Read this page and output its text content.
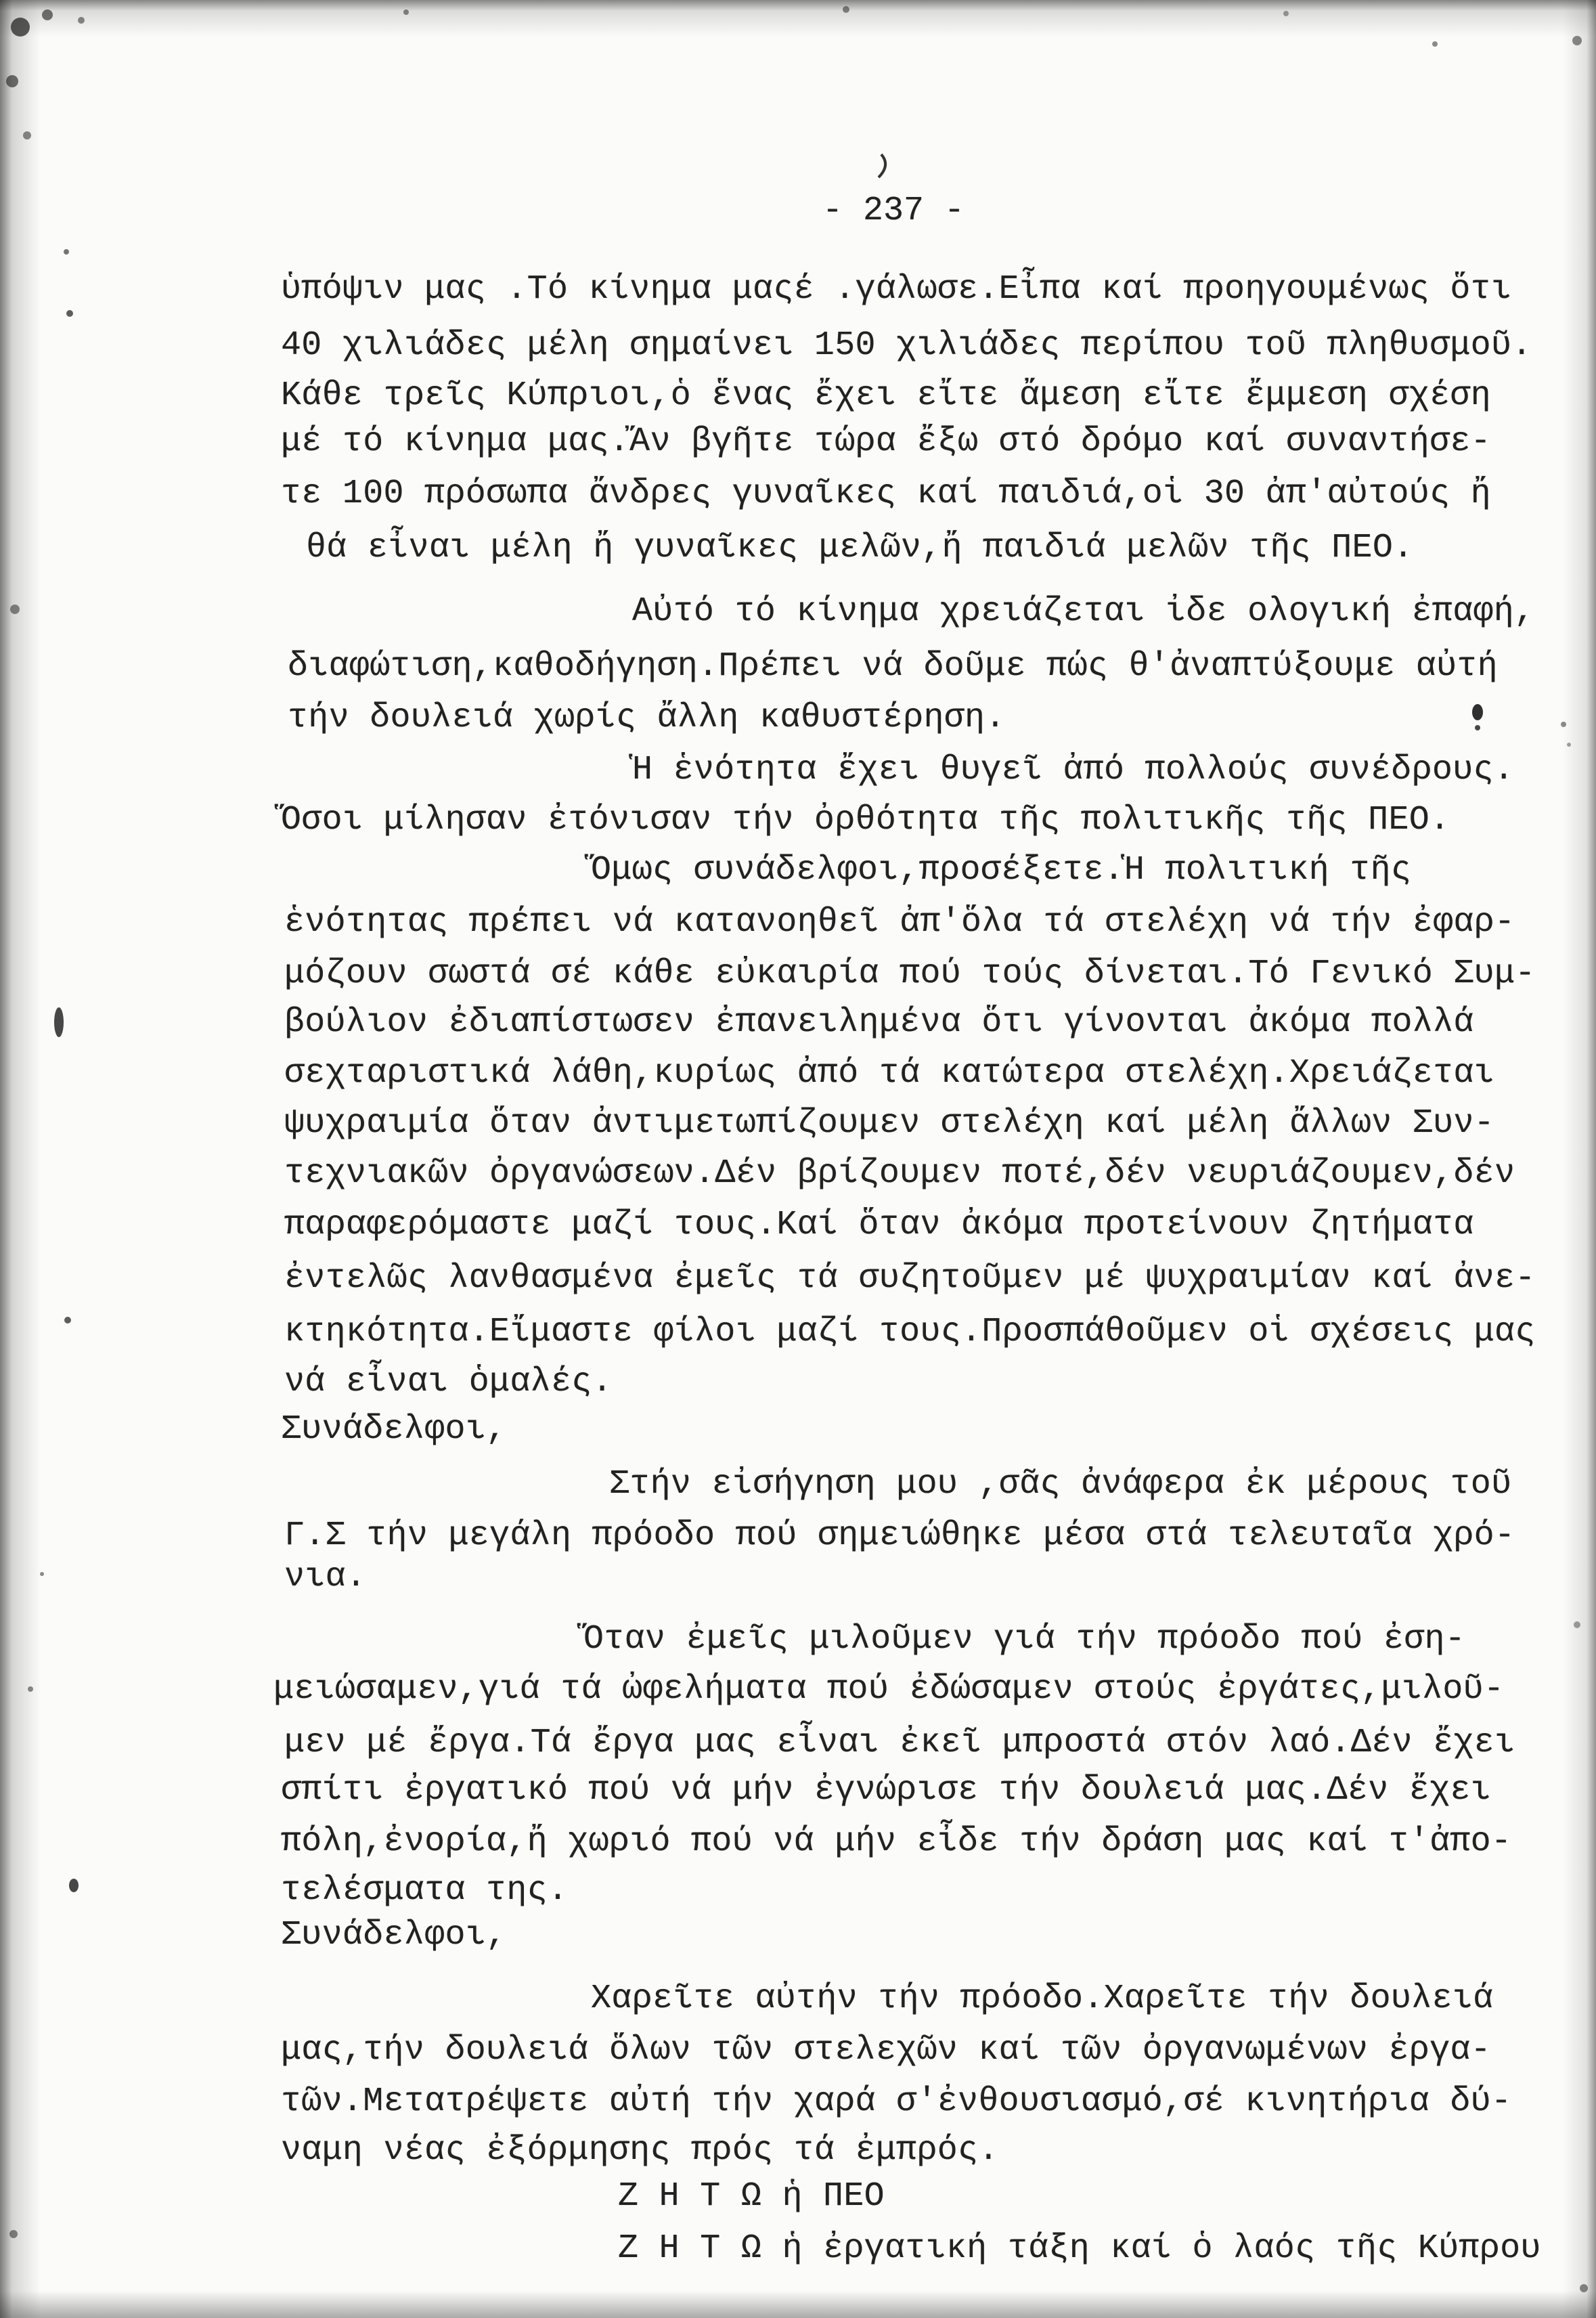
- 237 -
ὑπόψιν μας .Τό κίνημα μαςέ .γάλωσε.Εἶπα καί προηγουμένως ὅτι
40 χιλιάδες μέλη σημαίνει 150 χιλιάδες περίπου τοῦ πληθυσμοῦ.
Κάθε τρεῖς Κύπριοι,ὁ ἕνας ἔχει εἴτε ἄμεση εἴτε ἔμμεση σχέση
μέ τό κίνημα μας.Ἄν βγῆτε τώρα ἔξω στό δρόμο καί συναντήσε-
τε 100 πρόσωπα ἄνδρες γυναῖκες καί παιδιά,οἱ 30 ἀπ'αὐτούς ἤ
θά εἶναι μέλη ἤ γυναῖκες μελῶν,ἤ παιδιά μελῶν τῆς ΠΕΟ.
Αὐτό τό κίνημα χρειάζεται ἰδε ολογική ἐπαφή,
διαφώτιση,καθοδήγηση.Πρέπει νά δοῦμε πώς θ'ἀναπτύξουμε αὐτή
τήν δουλειά χωρίς ἄλλη καθυστέρηση.
Ἡ ἑνότητα ἔχει θυγεῖ ἀπό πολλούς συνέδρους.
Ὅσοι μίλησαν ἐτόνισαν τήν ὀρθότητα τῆς πολιτικῆς τῆς ΠΕΟ.
Ὅμως συνάδελφοι,προσέξετε.Ἡ πολιτική τῆς
ἑνότητας πρέπει νά κατανοηθεῖ ἀπ'ὅλα τά στελέχη νά τήν ἐφαρ-
μόζουν σωστά σέ κάθε εὐκαιρία πού τούς δίνεται.Τό Γενικό Συμ-
βούλιον ἐδιαπίστωσεν ἐπανειλημένα ὅτι γίνονται ἀκόμα πολλά
σεχταριστικά λάθη,κυρίως ἀπό τά κατώτερα στελέχη.Χρειάζεται
ψυχραιμία ὅταν ἀντιμετωπίζουμεν στελέχη καί μέλη ἄλλων Συν-
τεχνιακῶν ὀργανώσεων.Δέν βρίζουμεν ποτέ,δέν νευριάζουμεν,δέν
παραφερόμαστε μαζί τους.Καί ὅταν ἀκόμα προτείνουν ζητήματα
ἐντελῶς λανθασμένα ἐμεῖς τά συζητοῦμεν μέ ψυχραιμίαν καί ἀνε-
κτηκότητα.Εἴμαστε φίλοι μαζί τους.Προσπάθοῦμεν οἱ σχέσεις μας
νά εἶναι ὁμαλές.
Συνάδελφοι,
Στήν εἰσήγηση μου ,σᾶς ἀνάφερα ἐκ μέρους τοῦ
Γ.Σ τήν μεγάλη πρόοδο πού σημειώθηκε μέσα στά τελευταῖα χρό-
νια.
Ὅταν ἐμεῖς μιλοῦμεν γιά τήν πρόοδο πού ἐση-
μειώσαμεν,γιά τά ὠφελήματα πού ἐδώσαμεν στούς ἐργάτες,μιλοῦ-
μεν μέ ἔργα.Τά ἔργα μας εἶναι ἐκεῖ μπροστά στόν λαό.Δέν ἔχει
σπίτι ἐργατικό πού νά μήν ἐγνώρισε τήν δουλειά μας.Δέν ἔχει
πόλη,ἐνορία,ἤ χωριό πού νά μήν εἶδε τήν δράση μας καί τ'ἀπο-
τελέσματα της.
Συνάδελφοι,
Χαρεῖτε αὐτήν τήν πρόοδο.Χαρεῖτε τήν δουλειά
μας,τήν δουλειά ὅλων τῶν στελεχῶν καί τῶν ὀργανωμένων ἐργα-
τῶν.Μετατρέψετε αὐτή τήν χαρά σ'ἐνθουσιασμό,σέ κινητήρια δύ-
ναμη νέας ἐξόρμησης πρός τά ἐμπρός.
Ζ Η Τ Ω ἡ ΠΕΟ
Ζ Η Τ Ω ἡ ἐργατική τάξη καί ὁ λαός τῆς Κύπρου
